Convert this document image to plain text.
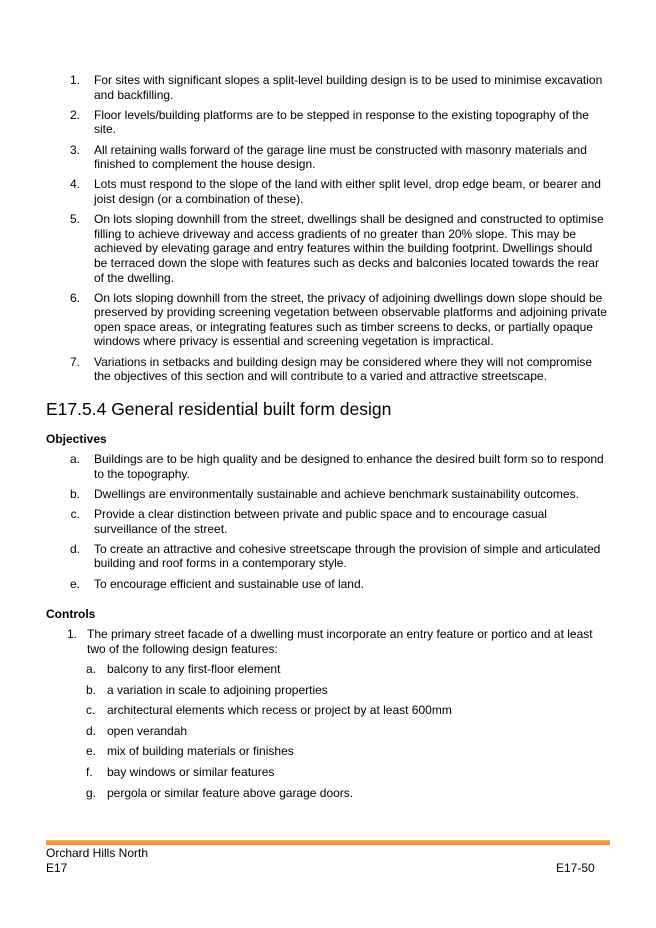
1. For sites with significant slopes a split-level building design is to be used to minimise excavation and backfilling.
2. Floor levels/building platforms are to be stepped in response to the existing topography of the site.
3. All retaining walls forward of the garage line must be constructed with masonry materials and finished to complement the house design.
4. Lots must respond to the slope of the land with either split level, drop edge beam, or bearer and joist design (or a combination of these).
5. On lots sloping downhill from the street, dwellings shall be designed and constructed to optimise filling to achieve driveway and access gradients of no greater than 20% slope. This may be achieved by elevating garage and entry features within the building footprint. Dwellings should be terraced down the slope with features such as decks and balconies located towards the rear of the dwelling.
6. On lots sloping downhill from the street, the privacy of adjoining dwellings down slope should be preserved by providing screening vegetation between observable platforms and adjoining private open space areas, or integrating features such as timber screens to decks, or partially opaque windows where privacy is essential and screening vegetation is impractical.
7. Variations in setbacks and building design may be considered where they will not compromise the objectives of this section and will contribute to a varied and attractive streetscape.
E17.5.4 General residential built form design
Objectives
a. Buildings are to be high quality and be designed to enhance the desired built form so to respond to the topography.
b. Dwellings are environmentally sustainable and achieve benchmark sustainability outcomes.
c. Provide a clear distinction between private and public space and to encourage casual surveillance of the street.
d. To create an attractive and cohesive streetscape through the provision of simple and articulated building and roof forms in a contemporary style.
e. To encourage efficient and sustainable use of land.
Controls
1. The primary street facade of a dwelling must incorporate an entry feature or portico and at least two of the following design features:
a. balcony to any first-floor element
b. a variation in scale to adjoining properties
c. architectural elements which recess or project by at least 600mm
d. open verandah
e. mix of building materials or finishes
f.	bay windows or similar features
g. pergola or similar feature above garage doors.
Orchard Hills North
E17	E17-50
